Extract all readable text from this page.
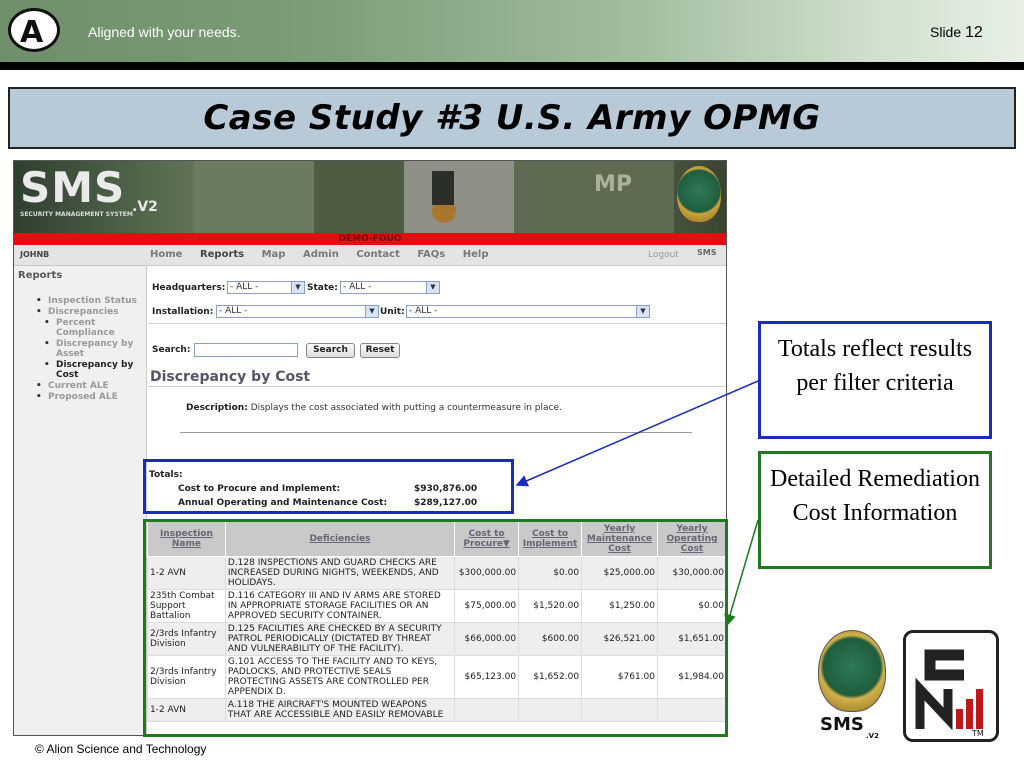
A	Aligned with your needs.	Slide 12
Case Study #3 U.S. Army OPMG
MP
SMS .V2
SECURITY MANAGEMENT SYSTEM
DEMO-FOUO
JOHNB	Home Reports Map Admin Contact FAQs Help	Logout SMS
Reports
• Inspection Status
• Discrepancies
• Percent Compliance
• Discrepancy by Asset
• Discrepancy by Cost
• Current ALE
• Proposed ALE
Headquarters: - ALL -	▼ State: - ALL -	▼
Installation: - ALL -	▼ Unit: - ALL -	▼
Search:	Search	Reset
Discrepancy by Cost
Description: Displays the cost associated with putting a countermeasure in place.
Totals:
Cost to Procure and Implement:	$930,876.00
Annual Operating and Maintenance Cost:	$289,127.00
Inspection Name	Deficiencies	Cost to Procure▼	Cost to Implement	Yearly Maintenance Cost	Yearly Operating Cost
1-2 AVN	D.128 INSPECTIONS AND GUARD CHECKS ARE INCREASED DURING NIGHTS, WEEKENDS, AND HOLIDAYS.	$300,000.00	$0.00	$25,000.00	$30,000.00
235th Combat Support Battalion	D.116 CATEGORY III AND IV ARMS ARE STORED IN APPROPRIATE STORAGE FACILITIES OR AN APPROVED SECURITY CONTAINER.	$75,000.00	$1,520.00	$1,250.00	$0.00
2/3rds Infantry Division	D.125 FACILITIES ARE CHECKED BY A SECURITY PATROL PERIODICALLY (DICTATED BY THREAT AND VULNERABILITY OF THE FACILITY).	$66,000.00	$600.00	$26,521.00	$1,651.00
2/3rds Infantry Division	G.101 ACCESS TO THE FACILITY AND TO KEYS, PADLOCKS, AND PROTECTIVE SEALS PROTECTING ASSETS ARE CONTROLLED PER APPENDIX D.	$65,123.00	$1,652.00	$761.00	$1,984.00
1-2 AVN	A.118 THE AIRCRAFT'S MOUNTED WEAPONS THAT ARE ACCESSIBLE AND EASILY REMOVABLE				
Totals reflect results per filter criteria
Detailed Remediation Cost Information
SMS
.V2	TM
© Alion Science and Technology
